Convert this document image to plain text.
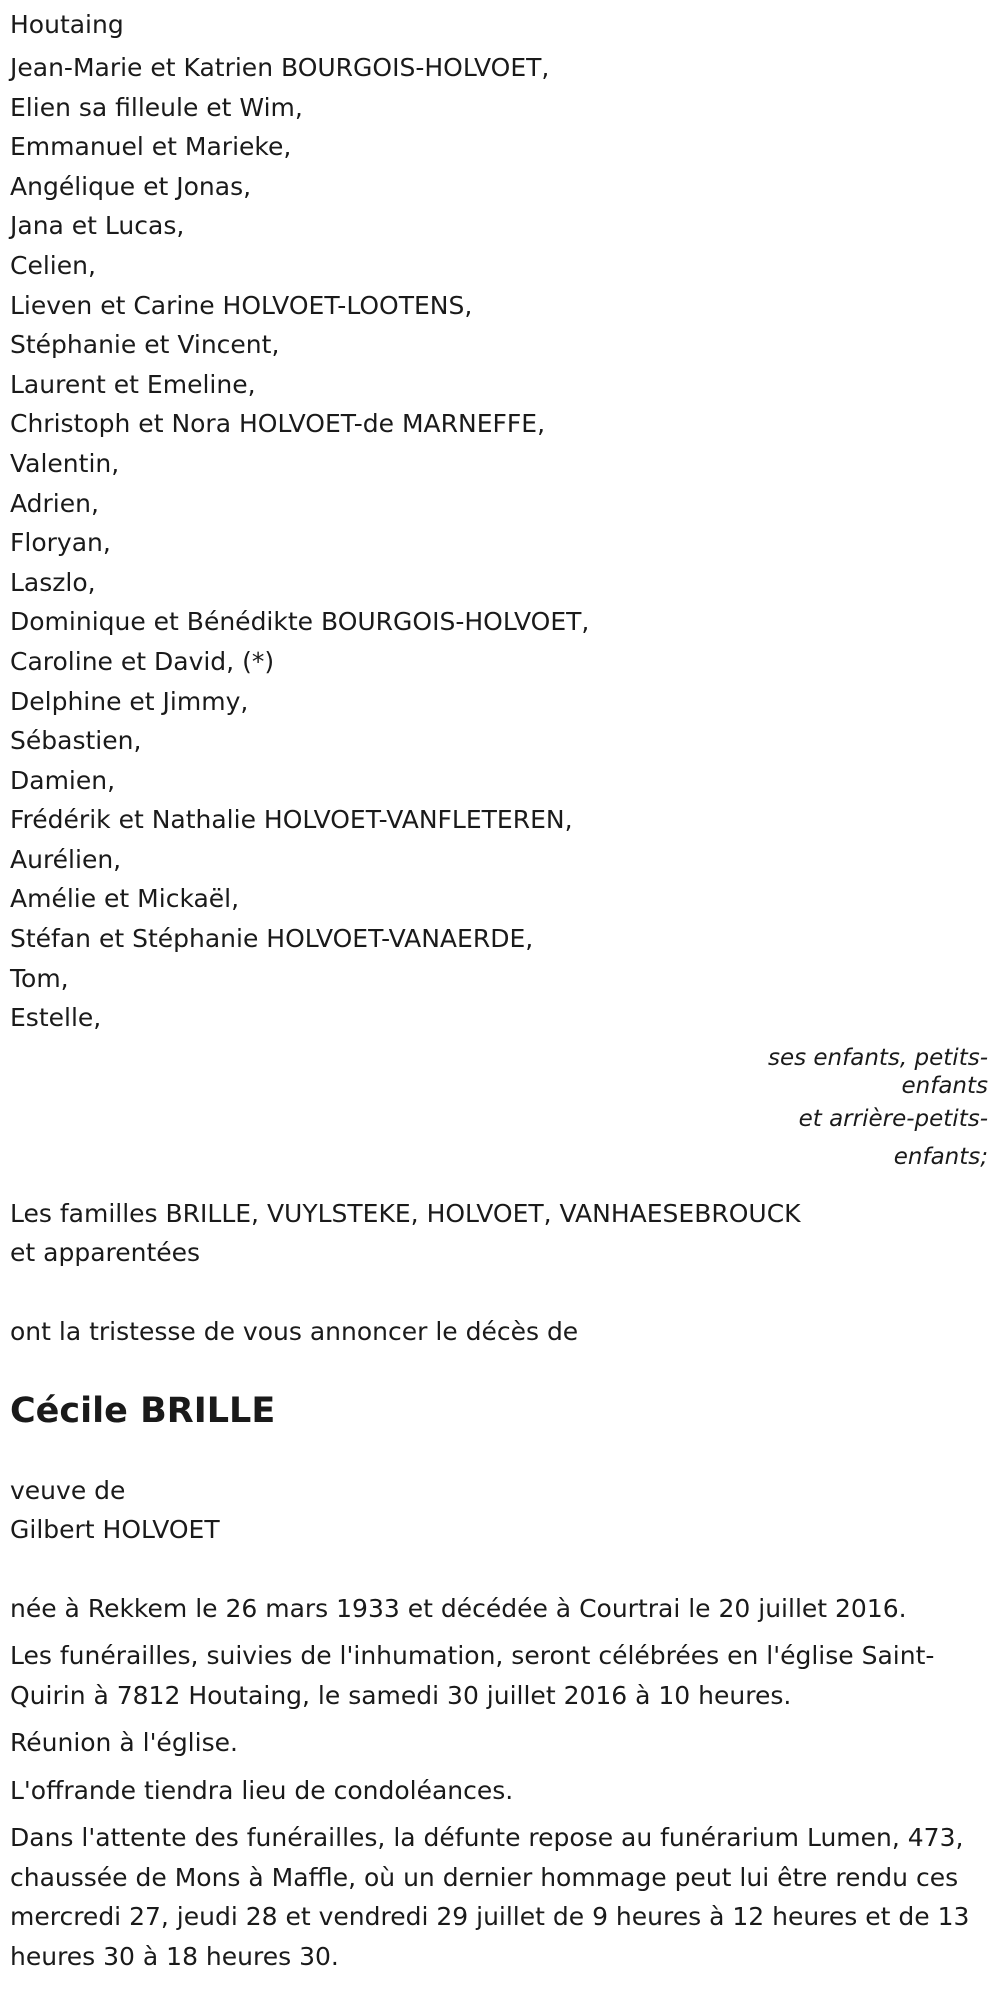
Houtaing
Jean-Marie et Katrien BOURGOIS-HOLVOET,
Elien sa filleule et Wim,
Emmanuel et Marieke,
Angélique et Jonas,
Jana et Lucas,
Celien,
Lieven et Carine HOLVOET-LOOTENS,
Stéphanie et Vincent,
Laurent et Emeline,
Christoph et Nora HOLVOET-de MARNEFFE,
Valentin,
Adrien,
Floryan,
Laszlo,
Dominique et Bénédikte BOURGOIS-HOLVOET,
Caroline et David, (*)
Delphine et Jimmy,
Sébastien,
Damien,
Frédérik et Nathalie HOLVOET-VANFLETEREN,
Aurélien,
Amélie et Mickaël,
Stéfan et Stéphanie HOLVOET-VANAERDE,
Tom,
Estelle,
ses enfants, petits-enfants
et arrière-petits-enfants;
Les familles BRILLE, VUYLSTEKE, HOLVOET, VANHAESEBROUCK
et apparentées
ont la tristesse de vous annoncer le décès de
Cécile BRILLE
veuve de
Gilbert HOLVOET

née à Rekkem le 26 mars 1933 et décédée à Courtrai le 20 juillet 2016.

Les funérailles, suivies de l'inhumation, seront célébrées en l'église Saint-Quirin à 7812 Houtaing, le samedi 30 juillet 2016 à 10 heures.

Réunion à l'église.

L'offrande tiendra lieu de condoléances.

Dans l'attente des funérailles, la défunte repose au funérarium Lumen, 473, chaussée de Mons à Maffle, où un dernier hommage peut lui être rendu ces mercredi 27, jeudi 28 et vendredi 29 juillet de 9 heures à 12 heures et de 13 heures 30 à 18 heures 30.
